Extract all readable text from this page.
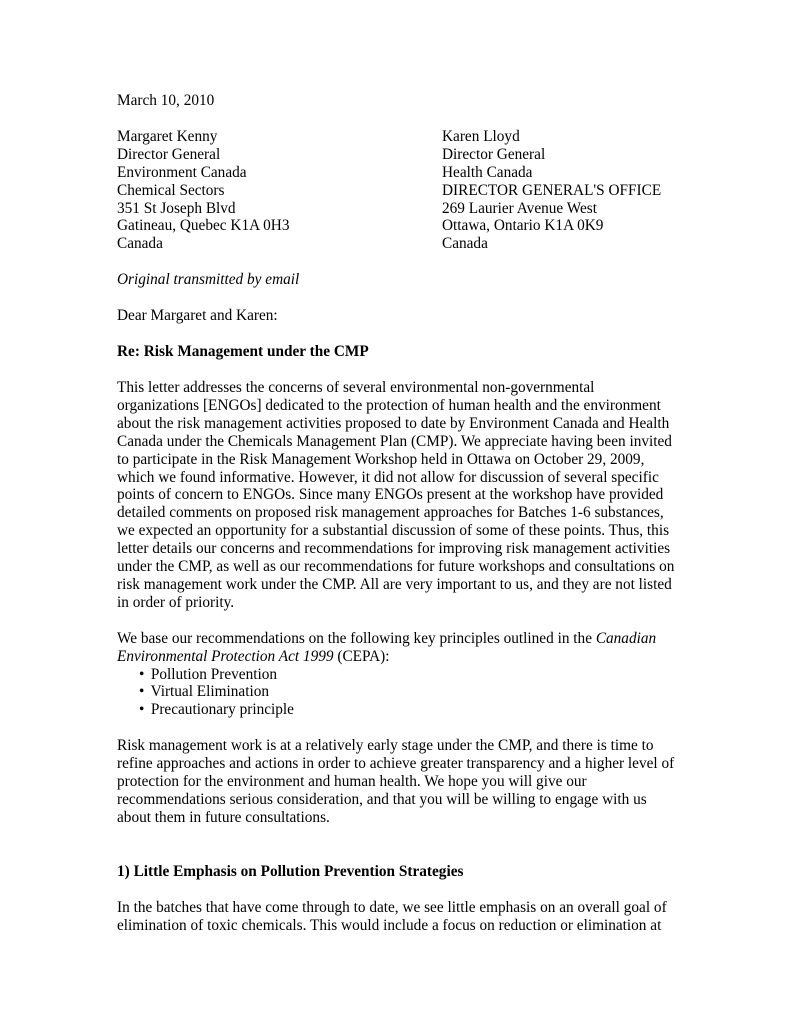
March 10, 2010

Margaret Kenny
Director General
Environment Canada
Chemical Sectors
351 St Joseph Blvd
Gatineau, Quebec K1A 0H3
Canada
Karen Lloyd
Director General
Health Canada
DIRECTOR GENERAL'S OFFICE
269 Laurier Avenue West
Ottawa, Ontario K1A 0K9
Canada

Original transmitted by email

Dear Margaret and Karen:

Re: Risk Management under the CMP

This letter addresses the concerns of several environmental non-governmental organizations [ENGOs] dedicated to the protection of human health and the environment about the risk management activities proposed to date by Environment Canada and Health Canada under the Chemicals Management Plan (CMP). We appreciate having been invited to participate in the Risk Management Workshop held in Ottawa on October 29, 2009, which we found informative. However, it did not allow for discussion of several specific points of concern to ENGOs. Since many ENGOs present at the workshop have provided detailed comments on proposed risk management approaches for Batches 1-6 substances, we expected an opportunity for a substantial discussion of some of these points. Thus, this letter details our concerns and recommendations for improving risk management activities under the CMP, as well as our recommendations for future workshops and consultations on risk management work under the CMP. All are very important to us, and they are not listed in order of priority.

We base our recommendations on the following key principles outlined in the Canadian Environmental Protection Act 1999 (CEPA):

• Pollution Prevention
• Virtual Elimination
• Precautionary principle

Risk management work is at a relatively early stage under the CMP, and there is time to refine approaches and actions in order to achieve greater transparency and a higher level of protection for the environment and human health. We hope you will give our recommendations serious consideration, and that you will be willing to engage with us about them in future consultations.

1) Little Emphasis on Pollution Prevention Strategies

In the batches that have come through to date, we see little emphasis on an overall goal of elimination of toxic chemicals. This would include a focus on reduction or elimination at
